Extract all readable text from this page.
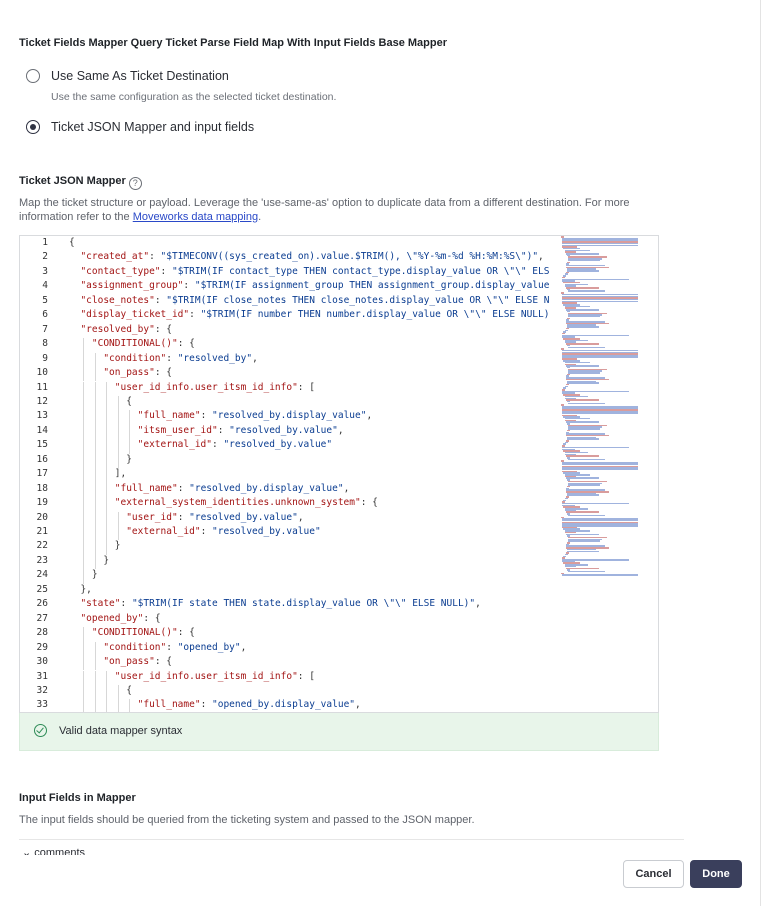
Ticket Fields Mapper Query Ticket Parse Field Map With Input Fields Base Mapper
Use Same As Ticket Destination
Use the same configuration as the selected ticket destination.
Ticket JSON Mapper and input fields
Ticket JSON Mapper ?
Map the ticket structure or payload. Leverage the 'use-same-as' option to duplicate data from a different destination. For more information refer to the Moveworks data mapping.
1
2
3
4
5
6
7
8
9
10
11
12
13
14
15
16
17
18
19
20
21
22
23
24
25
26
27
28
29
30
31
32
33
{
"created_at": "$TIMECONV((sys_created_on).value.$TRIM(), \"%Y-%m-%d %H:%M:%S\")",
"contact_type": "$TRIM(IF contact_type THEN contact_type.display_value OR \"\" ELS
"assignment_group": "$TRIM(IF assignment_group THEN assignment_group.display_value
"close_notes": "$TRIM(IF close_notes THEN close_notes.display_value OR \"\" ELSE N
"display_ticket_id": "$TRIM(IF number THEN number.display_value OR \"\" ELSE NULL)
"resolved_by": {
"CONDITIONAL()": {
"condition": "resolved_by",
"on_pass": {
"user_id_info.user_itsm_id_info": [
{
"full_name": "resolved_by.display_value",
"itsm_user_id": "resolved_by.value",
"external_id": "resolved_by.value"
}
],
"full_name": "resolved_by.display_value",
"external_system_identities.unknown_system": {
"user_id": "resolved_by.value",
"external_id": "resolved_by.value"
}
}
}
},
"state": "$TRIM(IF state THEN state.display_value OR \"\" ELSE NULL)",
"opened_by": {
"CONDITIONAL()": {
"condition": "opened_by",
"on_pass": {
"user_id_info.user_itsm_id_info": [
{
"full_name": "opened_by.display_value",
Valid data mapper syntax
Input Fields in Mapper
The input fields should be queried from the ticketing system and passed to the JSON mapper.
⌄ comments
Cancel	Done
